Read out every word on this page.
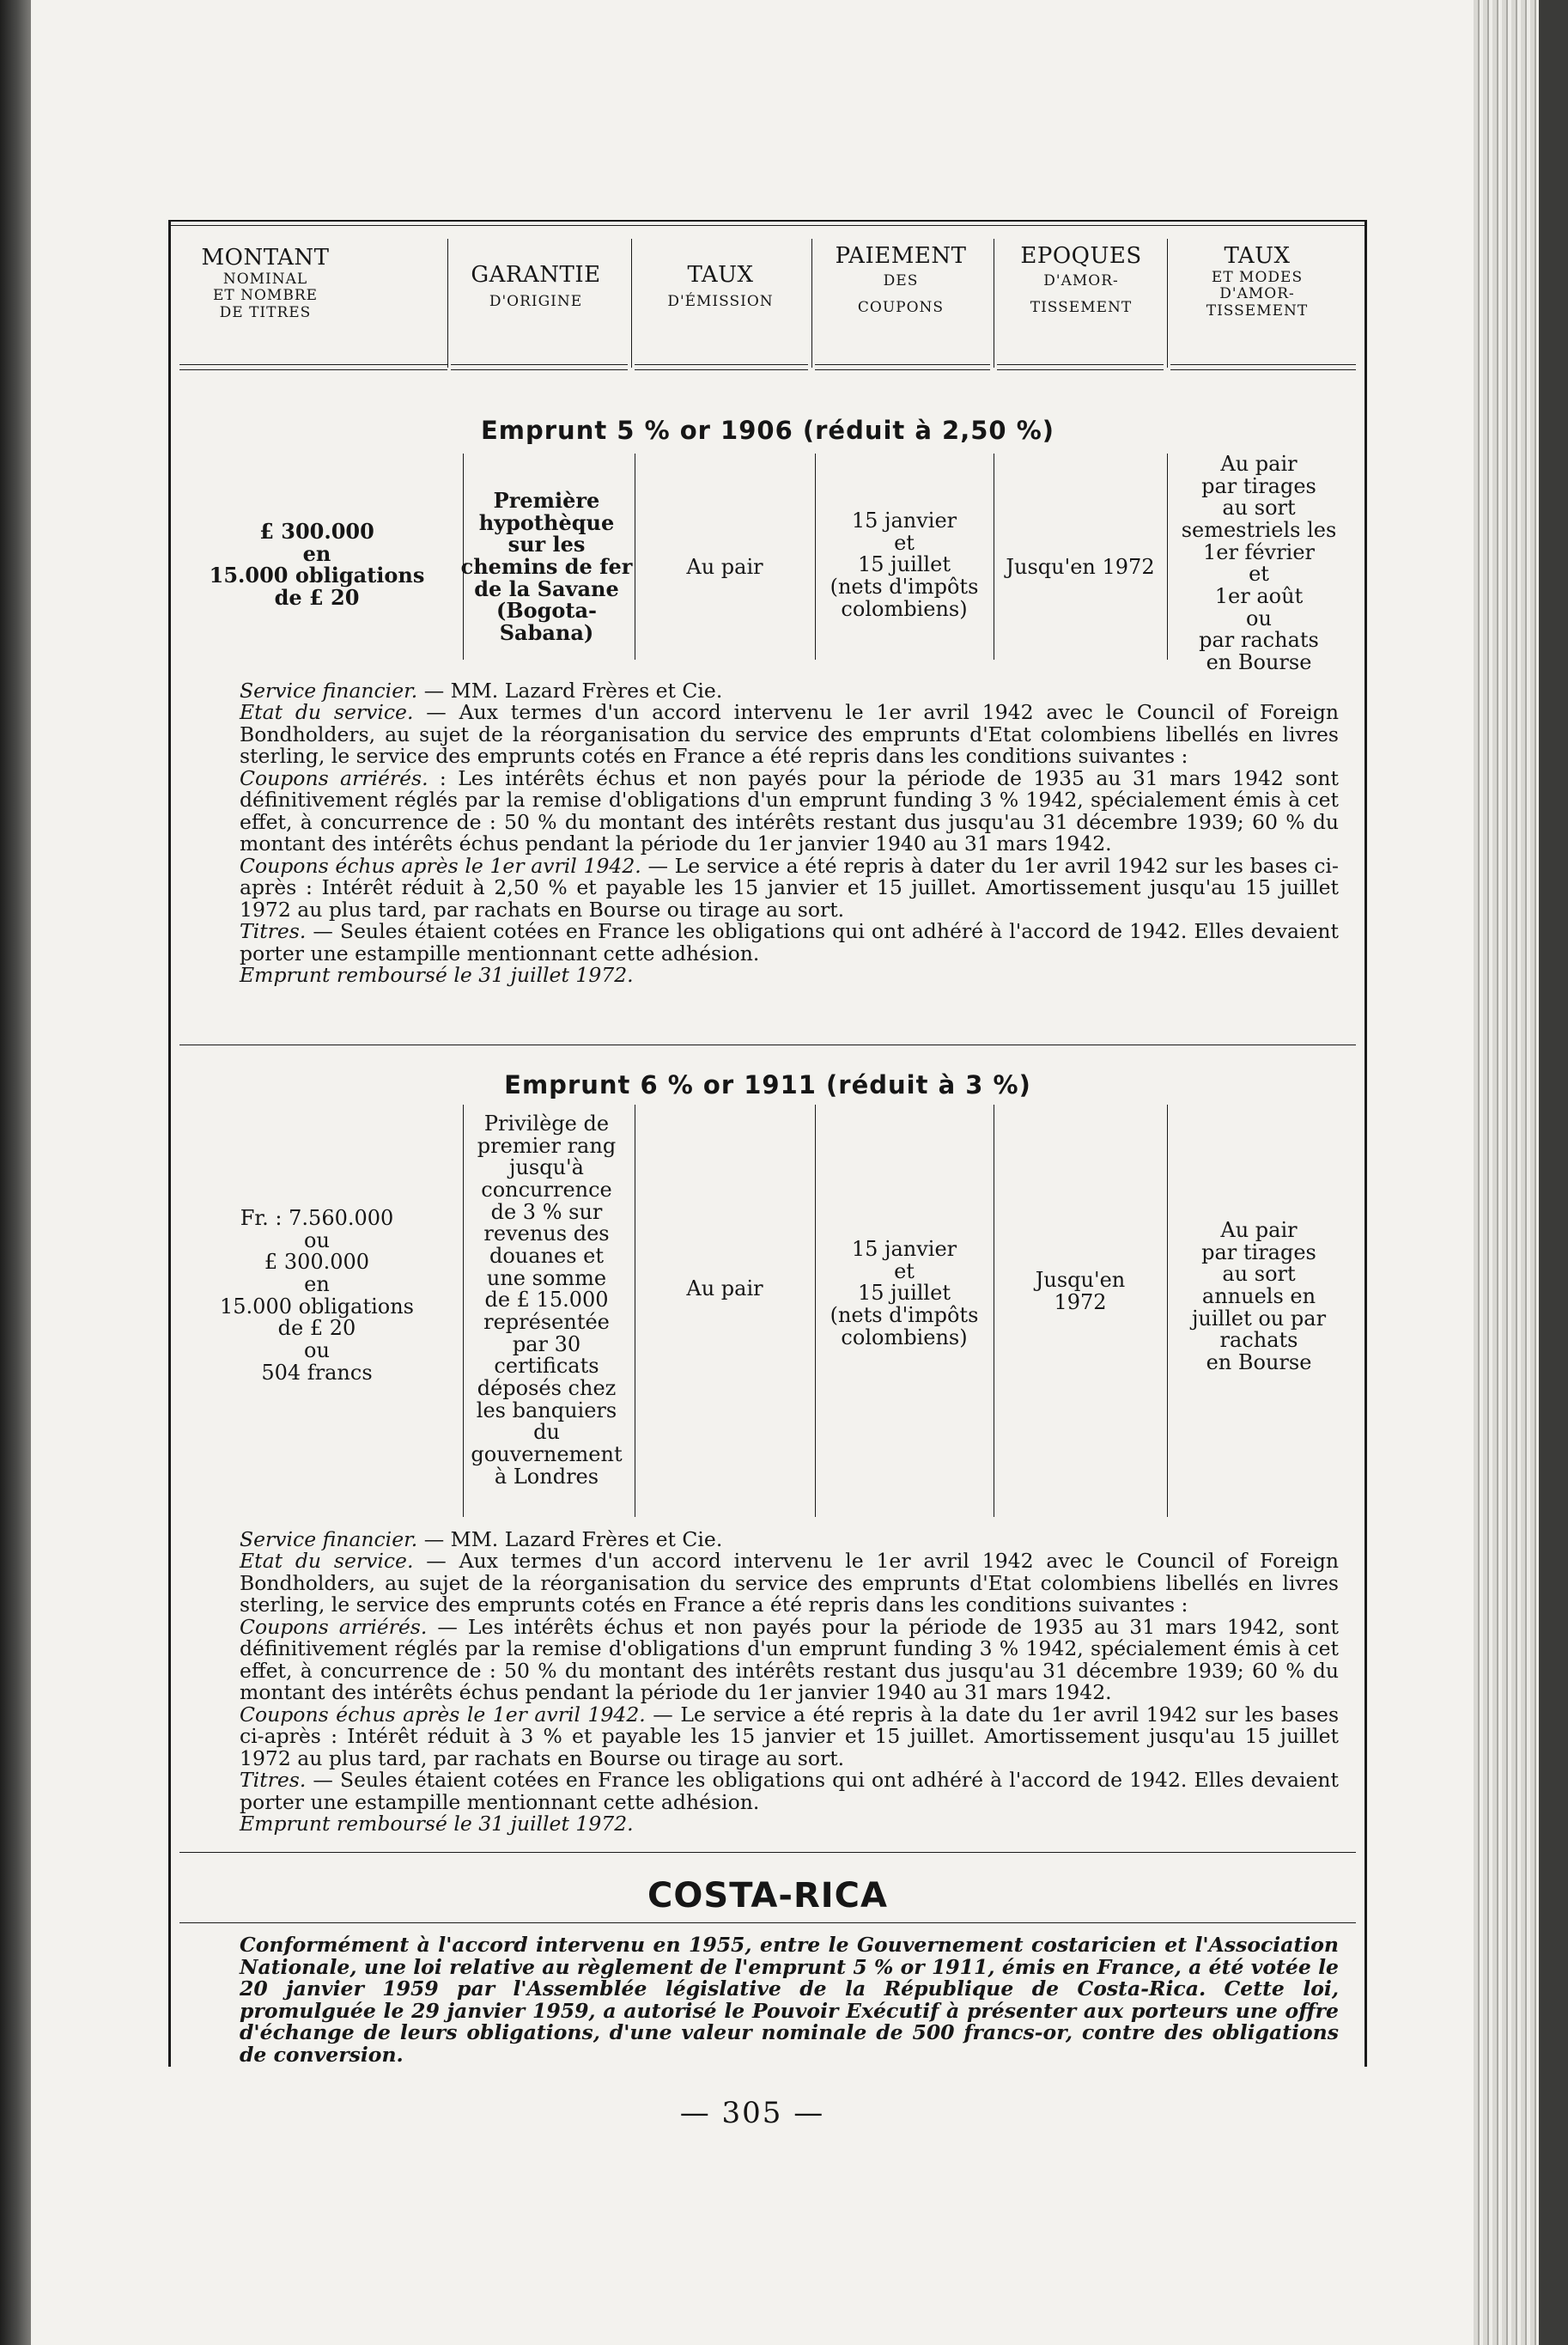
MONTANT
NOMINAL
ET NOMBRE
DE TITRES
GARANTIE
D'ORIGINE
TAUX
D'ÉMISSION
PAIEMENT
DES
COUPONS
EPOQUES
D'AMOR-
TISSEMENT
TAUX
ET MODES
D'AMOR-
TISSEMENT
Emprunt 5 % or 1906 (réduit à 2,50 %)
£ 300.000
en
15.000 obligations
de £ 20
Première
hypothèque
sur les
chemins de fer
de la Savane
(Bogota-
Sabana)
Au pair
15 janvier
et
15 juillet
(nets d'impôts
colombiens)
Jusqu'en 1972
Au pair
par tirages
au sort
semestriels les
1er février
et
1er août
ou
par rachats
en Bourse

Service financier. — MM. Lazard Frères et Cie.

Etat du service. — Aux termes d'un accord intervenu le 1er avril 1942 avec le Council of Foreign Bondholders, au sujet de la réorganisation du service des emprunts d'Etat colombiens libellés en livres sterling, le service des emprunts cotés en France a été repris dans les conditions suivantes :

Coupons arriérés. : Les intérêts échus et non payés pour la période de 1935 au 31 mars 1942 sont définitivement réglés par la remise d'obligations d'un emprunt funding 3 % 1942, spécialement émis à cet effet, à concurrence de : 50 % du montant des intérêts restant dus jusqu'au 31 décembre 1939; 60 % du montant des intérêts échus pendant la période du 1er janvier 1940 au 31 mars 1942.

Coupons échus après le 1er avril 1942. — Le service a été repris à dater du 1er avril 1942 sur les bases ci-après : Intérêt réduit à 2,50 % et payable les 15 janvier et 15 juillet. Amortissement jusqu'au 15 juillet 1972 au plus tard, par rachats en Bourse ou tirage au sort.

Titres. — Seules étaient cotées en France les obligations qui ont adhéré à l'accord de 1942. Elles devaient porter une estampille mentionnant cette adhésion.

Emprunt remboursé le 31 juillet 1972.

Emprunt 6 % or 1911 (réduit à 3 %)
Fr. : 7.560.000
ou
£ 300.000
en
15.000 obligations
de £ 20
ou
504 francs
Privilège de
premier rang
jusqu'à
concurrence
de 3 % sur
revenus des
douanes et
une somme
de £ 15.000
représentée
par 30
certificats
déposés chez
les banquiers
du
gouvernement
à Londres
Au pair
15 janvier
et
15 juillet
(nets d'impôts
colombiens)
Jusqu'en
1972
Au pair
par tirages
au sort
annuels en
juillet ou par
rachats
en Bourse

Service financier. — MM. Lazard Frères et Cie.

Etat du service. — Aux termes d'un accord intervenu le 1er avril 1942 avec le Council of Foreign Bondholders, au sujet de la réorganisation du service des emprunts d'Etat colombiens libellés en livres sterling, le service des emprunts cotés en France a été repris dans les conditions suivantes :

Coupons arriérés. — Les intérêts échus et non payés pour la période de 1935 au 31 mars 1942, sont définitivement réglés par la remise d'obligations d'un emprunt funding 3 % 1942, spécialement émis à cet effet, à concurrence de : 50 % du montant des intérêts restant dus jusqu'au 31 décembre 1939; 60 % du montant des intérêts échus pendant la période du 1er janvier 1940 au 31 mars 1942.

Coupons échus après le 1er avril 1942. — Le service a été repris à la date du 1er avril 1942 sur les bases ci-après : Intérêt réduit à 3 % et payable les 15 janvier et 15 juillet. Amortissement jusqu'au 15 juillet 1972 au plus tard, par rachats en Bourse ou tirage au sort.

Titres. — Seules étaient cotées en France les obligations qui ont adhéré à l'accord de 1942. Elles devaient porter une estampille mentionnant cette adhésion.

Emprunt remboursé le 31 juillet 1972.

COSTA-RICA
Conformément à l'accord intervenu en 1955, entre le Gouvernement costaricien et l'Association Nationale, une loi relative au règlement de l'emprunt 5 % or 1911, émis en France, a été votée le 20 janvier 1959 par l'Assemblée législative de la République de Costa-Rica. Cette loi, promulguée le 29 janvier 1959, a autorisé le Pouvoir Exécutif à présenter aux porteurs une offre d'échange de leurs obligations, d'une valeur nominale de 500 francs-or, contre des obligations de conversion.
— 305 —
